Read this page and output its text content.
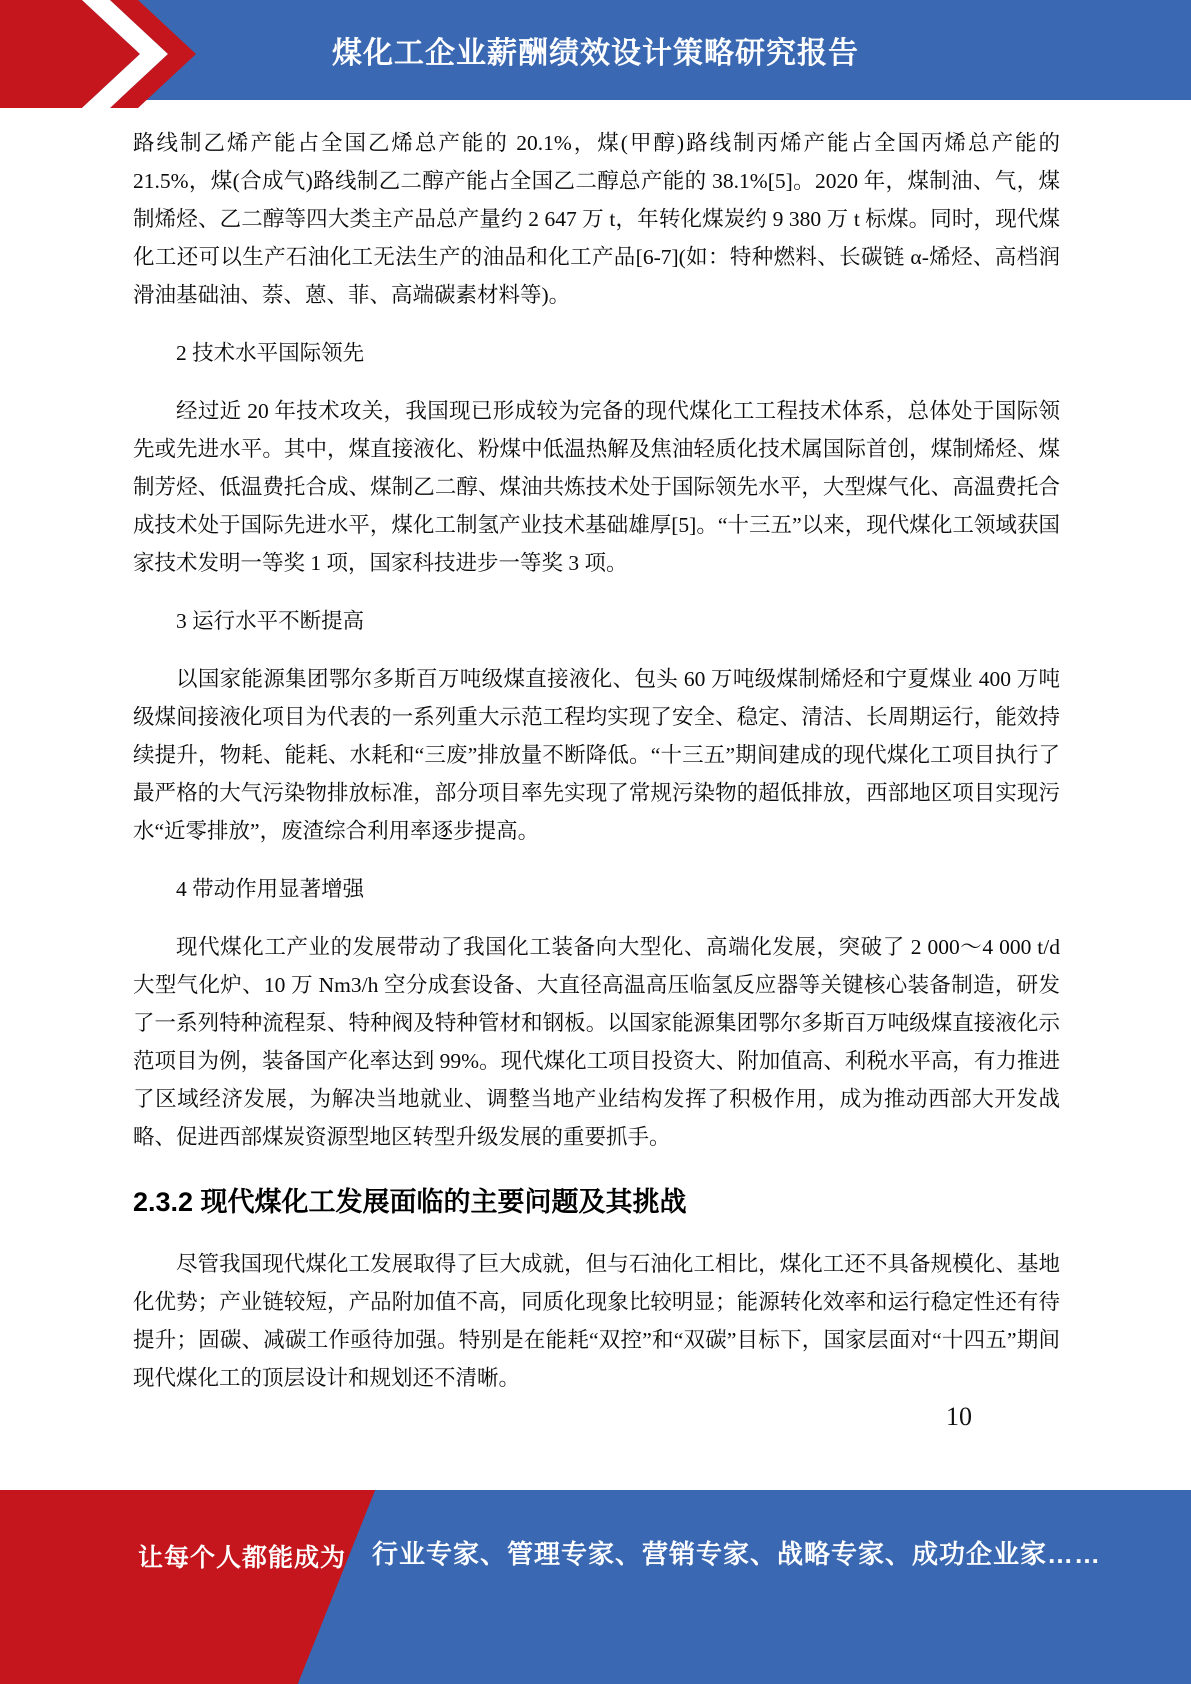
煤化工企业薪酬绩效设计策略研究报告

路线制乙烯产能占全国乙烯总产能的 20.1%，煤(甲醇)路线制丙烯产能占全国丙烯总产能的 21.5%，煤(合成气)路线制乙二醇产能占全国乙二醇总产能的 38.1%[5]。2020 年，煤制油、气，煤制烯烃、乙二醇等四大类主产品总产量约 2 647 万 t，年转化煤炭约 9 380 万 t 标煤。同时，现代煤化工还可以生产石油化工无法生产的油品和化工产品[6-7](如：特种燃料、长碳链 α-烯烃、高档润滑油基础油、萘、蒽、菲、高端碳素材料等)。

2 技术水平国际领先

经过近 20 年技术攻关，我国现已形成较为完备的现代煤化工工程技术体系，总体处于国际领先或先进水平。其中，煤直接液化、粉煤中低温热解及焦油轻质化技术属国际首创，煤制烯烃、煤制芳烃、低温费托合成、煤制乙二醇、煤油共炼技术处于国际领先水平，大型煤气化、高温费托合成技术处于国际先进水平，煤化工制氢产业技术基础雄厚[5]。“十三五”以来，现代煤化工领域获国家技术发明一等奖 1 项，国家科技进步一等奖 3 项。

3 运行水平不断提高

以国家能源集团鄂尔多斯百万吨级煤直接液化、包头 60 万吨级煤制烯烃和宁夏煤业 400 万吨级煤间接液化项目为代表的一系列重大示范工程均实现了安全、稳定、清洁、长周期运行，能效持续提升，物耗、能耗、水耗和“三废”排放量不断降低。“十三五”期间建成的现代煤化工项目执行了最严格的大气污染物排放标准，部分项目率先实现了常规污染物的超低排放，西部地区项目实现污水“近零排放”，废渣综合利用率逐步提高。

4 带动作用显著增强

现代煤化工产业的发展带动了我国化工装备向大型化、高端化发展，突破了 2 000～4 000 t/d 大型气化炉、10 万 Nm3/h 空分成套设备、大直径高温高压临氢反应器等关键核心装备制造，研发了一系列特种流程泵、特种阀及特种管材和钢板。以国家能源集团鄂尔多斯百万吨级煤直接液化示范项目为例，装备国产化率达到 99%。现代煤化工项目投资大、附加值高、利税水平高，有力推进了区域经济发展，为解决当地就业、调整当地产业结构发挥了积极作用，成为推动西部大开发战略、促进西部煤炭资源型地区转型升级发展的重要抓手。

2.3.2 现代煤化工发展面临的主要问题及其挑战

尽管我国现代煤化工发展取得了巨大成就，但与石油化工相比，煤化工还不具备规模化、基地化优势；产业链较短，产品附加值不高，同质化现象比较明显；能源转化效率和运行稳定性还有待提升；固碳、减碳工作亟待加强。特别是在能耗“双控”和“双碳”目标下，国家层面对“十四五”期间现代煤化工的顶层设计和规划还不清晰。

10
让每个人都能成为 行业专家、管理专家、营销专家、战略专家、成功企业家……
